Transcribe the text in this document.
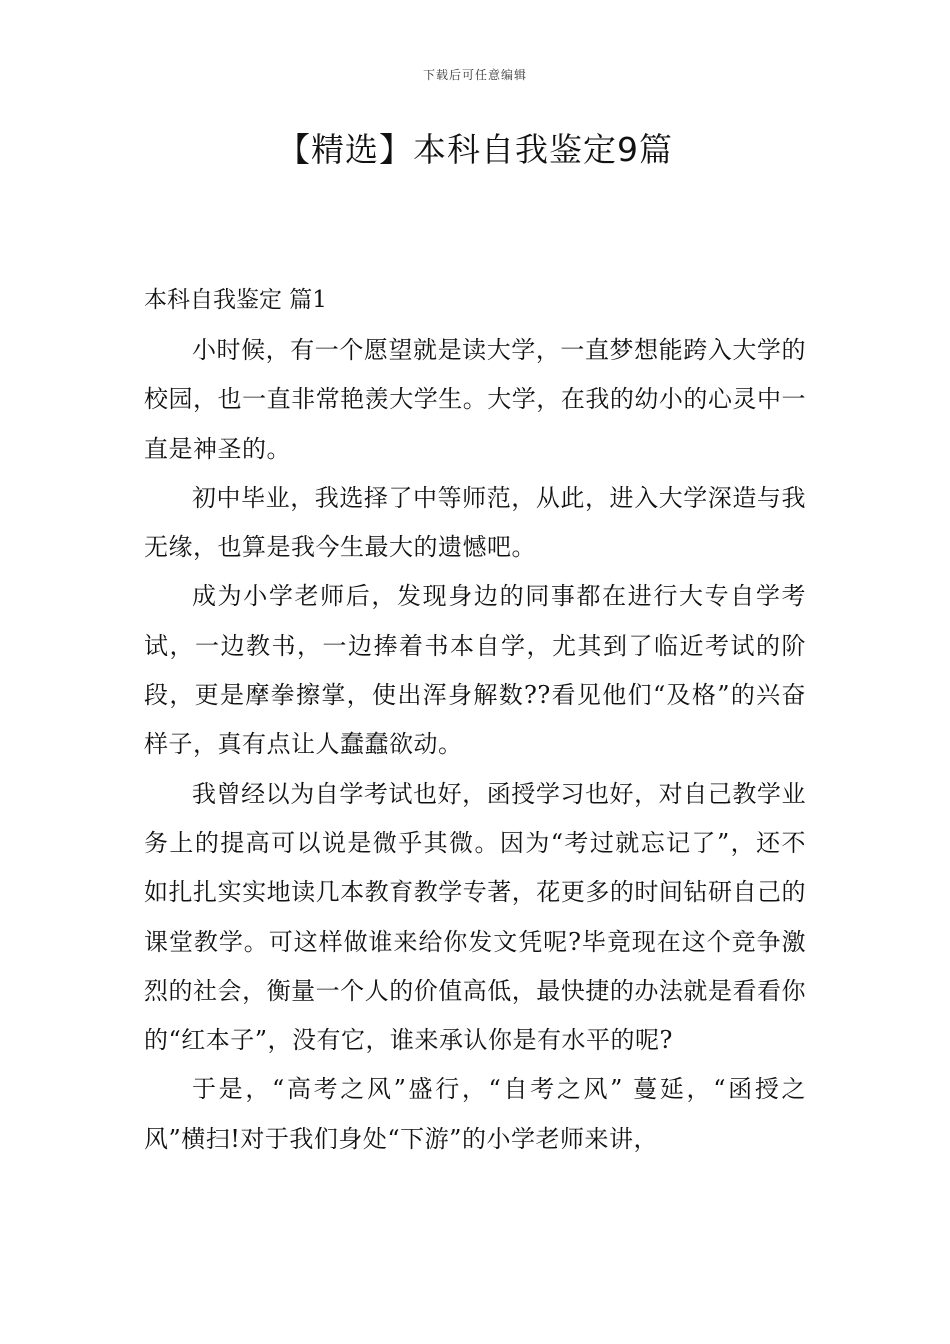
下载后可任意编辑
【精选】本科自我鉴定9篇
本科自我鉴定 篇1

小时候，有一个愿望就是读大学，一直梦想能跨入大学的校园，也一直非常艳羡大学生。大学，在我的幼小的心灵中一直是神圣的。

初中毕业，我选择了中等师范，从此，进入大学深造与我无缘，也算是我今生最大的遗憾吧。

成为小学老师后，发现身边的同事都在进行大专自学考试，一边教书，一边捧着书本自学，尤其到了临近考试的阶段，更是摩拳擦掌，使出浑身解数??看见他们“及格”的兴奋样子，真有点让人蠢蠢欲动。

我曾经以为自学考试也好，函授学习也好，对自己教学业务上的提高可以说是微乎其微。因为“考过就忘记了”，还不如扎扎实实地读几本教育教学专著，花更多的时间钻研自己的课堂教学。可这样做谁来给你发文凭呢?毕竟现在这个竞争激烈的社会，衡量一个人的价值高低，最快捷的办法就是看看你的“红本子”，没有它，谁来承认你是有水平的呢?

于是，“高考之风”盛行，“自考之风” 蔓延，“函授之风”横扫!对于我们身处“下游”的小学老师来讲，
